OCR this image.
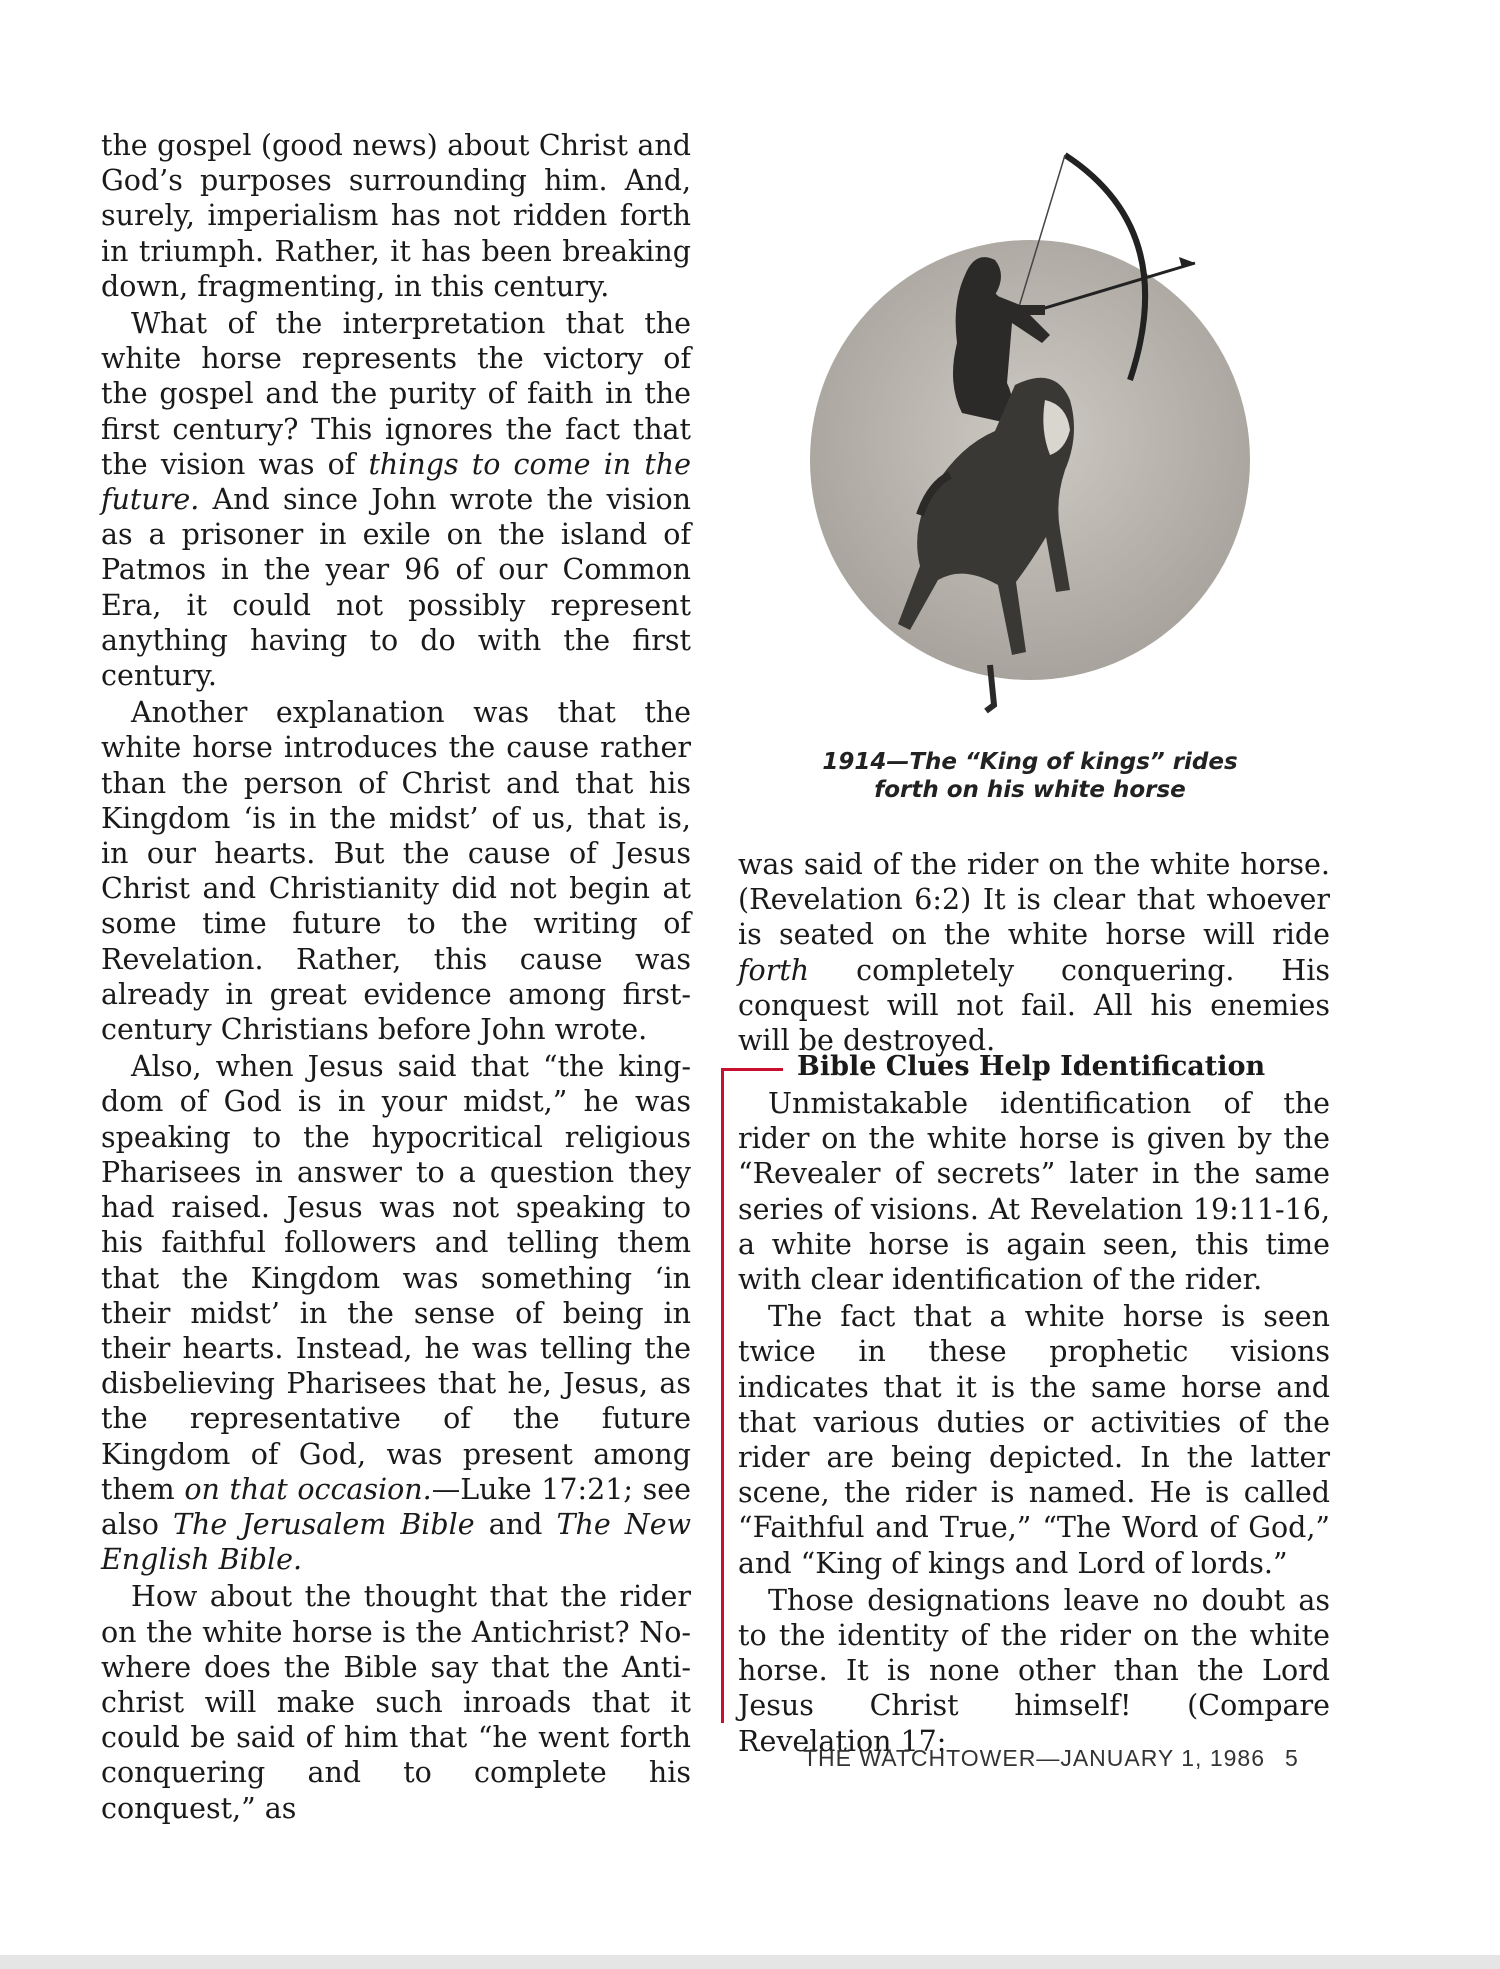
the gospel (good news) about Christ and God’s purposes surrounding him. And, surely, imperialism has not ridden forth in triumph. Rather, it has been breaking down, fragmenting, in this century.

What of the interpretation that the white horse represents the victory of the gospel and the purity of faith in the first century? This ignores the fact that the vision was of things to come in the future. And since John wrote the vision as a prisoner in exile on the island of Patmos in the year 96 of our Common Era, it could not possibly represent anything having to do with the first century.

Another explanation was that the white horse introduces the cause rather than the person of Christ and that his Kingdom ‘is in the midst’ of us, that is, in our hearts. But the cause of Jesus Christ and Christianity did not begin at some time future to the writing of Revelation. Rather, this cause was already in great evidence among first-century Christians before John wrote.

Also, when Jesus said that “the kingdom of God is in your midst,” he was speaking to the hypocritical religious Pharisees in answer to a question they had raised. Jesus was not speaking to his faithful followers and telling them that the Kingdom was something ‘in their midst’ in the sense of being in their hearts. Instead, he was telling the disbelieving Pharisees that he, Jesus, as the representative of the future Kingdom of God, was present among them on that occasion.—Luke 17:21; see also The Jerusalem Bible and The New English Bible.

How about the thought that the rider on the white horse is the Antichrist? Nowhere does the Bible say that the Antichrist will make such inroads that it could be said of him that “he went forth conquering and to complete his conquest,” as

1914—The “King of kings” rides
forth on his white horse

was said of the rider on the white horse. (Revelation 6:2) It is clear that whoever is seated on the white horse will ride forth completely conquering. His conquest will not fail. All his enemies will be destroyed.

Bible Clues Help Identification

Unmistakable identification of the rider on the white horse is given by the “Revealer of secrets” later in the same series of visions. At Revelation 19:11-16, a white horse is again seen, this time with clear identification of the rider.

The fact that a white horse is seen twice in these prophetic visions indicates that it is the same horse and that various duties or activities of the rider are being depicted. In the latter scene, the rider is named. He is called “Faithful and True,” “The Word of God,” and “King of kings and Lord of lords.”

Those designations leave no doubt as to the identity of the rider on the white horse. It is none other than the Lord Jesus Christ himself! (Compare Revelation 17:

THE WATCHTOWER—JANUARY 1, 1986 5
